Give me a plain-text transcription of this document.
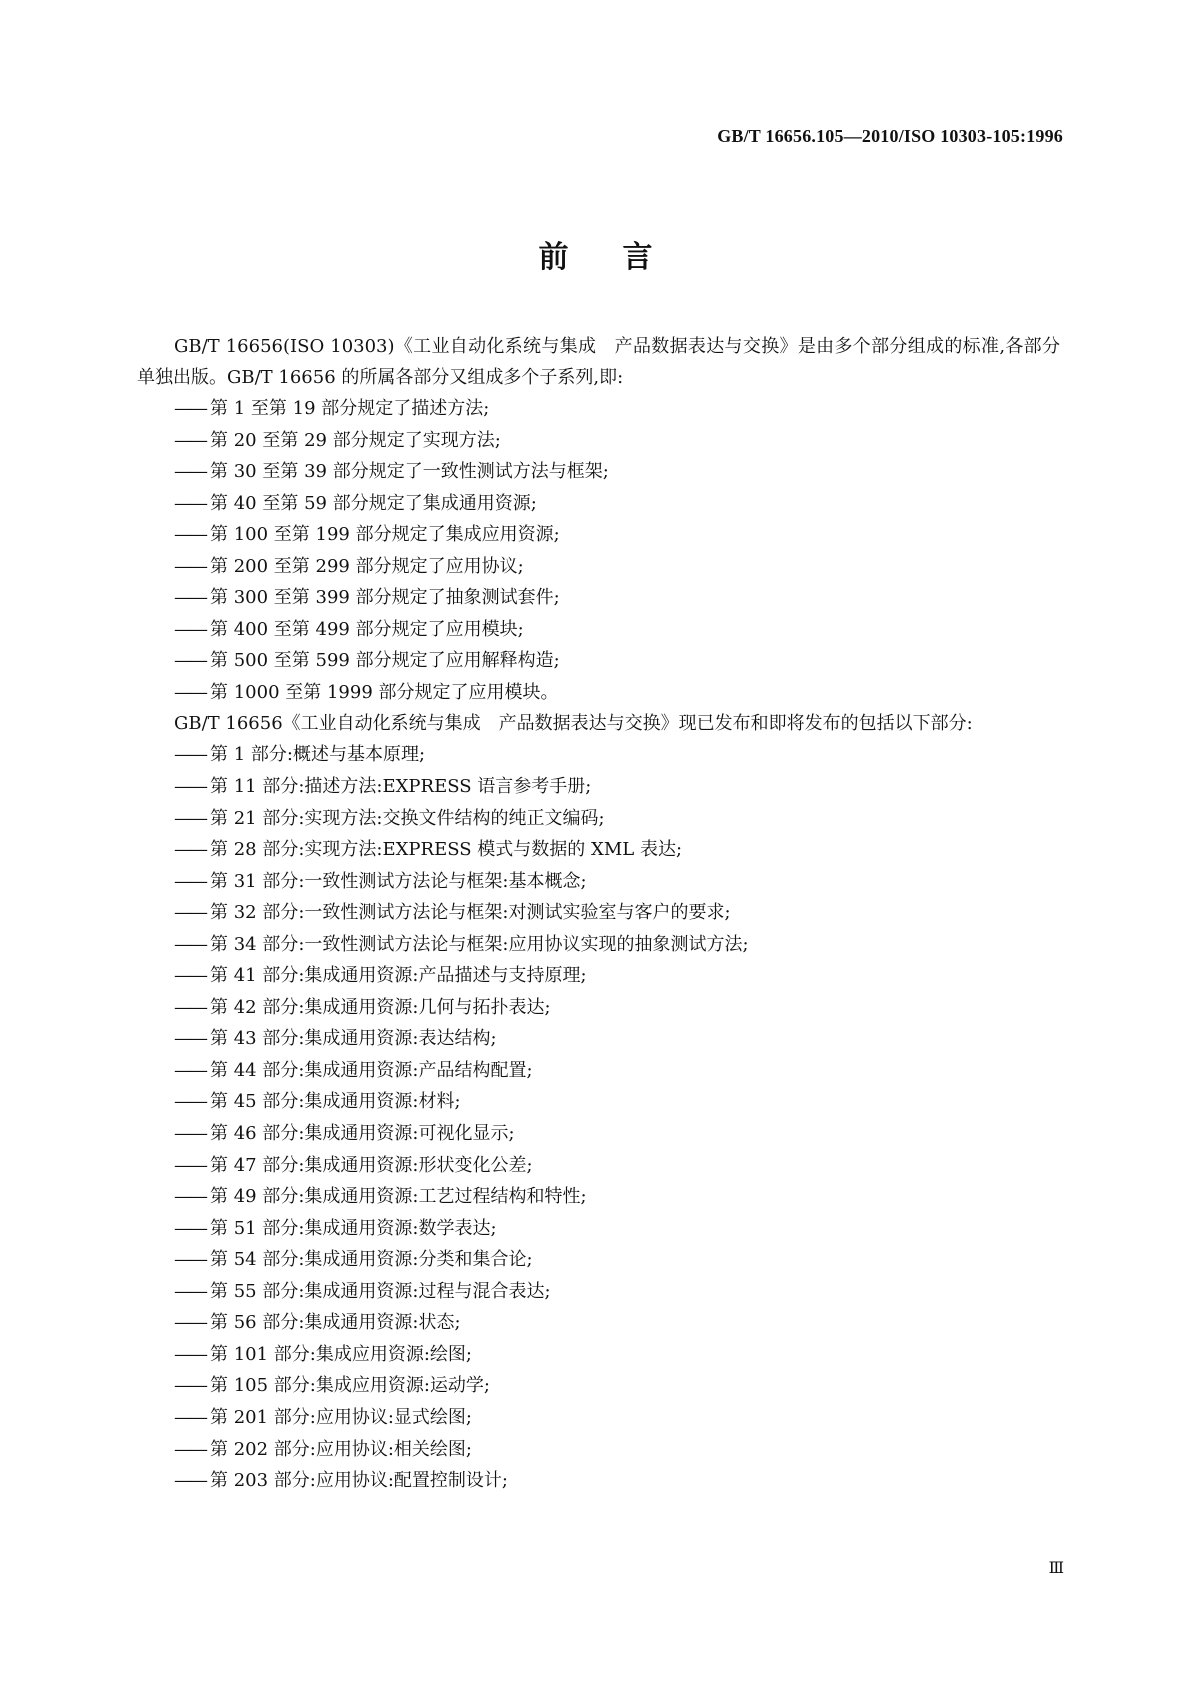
GB/T 16656.105—2010/ISO 10303-105:1996
前言

GB/T 16656(ISO 10303)《工业自动化系统与集成　产品数据表达与交换》是由多个部分组成的标准,各部分单独出版。GB/T 16656 的所属各部分又组成多个子系列,即:

—— 第 1 至第 19 部分规定了描述方法;

—— 第 20 至第 29 部分规定了实现方法;

—— 第 30 至第 39 部分规定了一致性测试方法与框架;

—— 第 40 至第 59 部分规定了集成通用资源;

—— 第 100 至第 199 部分规定了集成应用资源;

—— 第 200 至第 299 部分规定了应用协议;

—— 第 300 至第 399 部分规定了抽象测试套件;

—— 第 400 至第 499 部分规定了应用模块;

—— 第 500 至第 599 部分规定了应用解释构造;

—— 第 1000 至第 1999 部分规定了应用模块。

GB/T 16656《工业自动化系统与集成　产品数据表达与交换》现已发布和即将发布的包括以下部分:

—— 第 1 部分:概述与基本原理;

—— 第 11 部分:描述方法:EXPRESS 语言参考手册;

—— 第 21 部分:实现方法:交换文件结构的纯正文编码;

—— 第 28 部分:实现方法:EXPRESS 模式与数据的 XML 表达;

—— 第 31 部分:一致性测试方法论与框架:基本概念;

—— 第 32 部分:一致性测试方法论与框架:对测试实验室与客户的要求;

—— 第 34 部分:一致性测试方法论与框架:应用协议实现的抽象测试方法;

—— 第 41 部分:集成通用资源:产品描述与支持原理;

—— 第 42 部分:集成通用资源:几何与拓扑表达;

—— 第 43 部分:集成通用资源:表达结构;

—— 第 44 部分:集成通用资源:产品结构配置;

—— 第 45 部分:集成通用资源:材料;

—— 第 46 部分:集成通用资源:可视化显示;

—— 第 47 部分:集成通用资源:形状变化公差;

—— 第 49 部分:集成通用资源:工艺过程结构和特性;

—— 第 51 部分:集成通用资源:数学表达;

—— 第 54 部分:集成通用资源:分类和集合论;

—— 第 55 部分:集成通用资源:过程与混合表达;

—— 第 56 部分:集成通用资源:状态;

—— 第 101 部分:集成应用资源:绘图;

—— 第 105 部分:集成应用资源:运动学;

—— 第 201 部分:应用协议:显式绘图;

—— 第 202 部分:应用协议:相关绘图;

—— 第 203 部分:应用协议:配置控制设计;

Ⅲ
